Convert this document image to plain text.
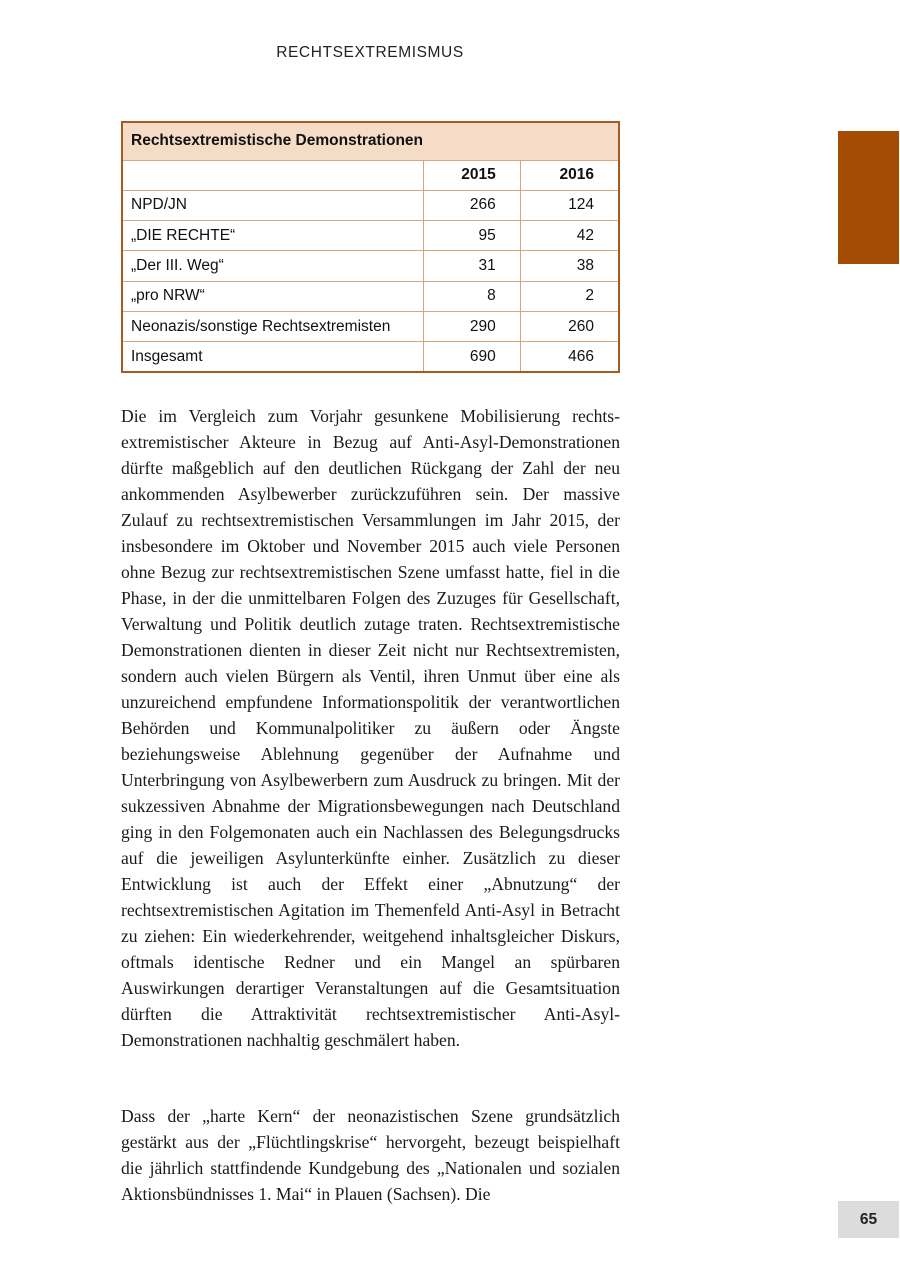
RECHTSEXTREMISMUS
Rechtsextremistische Demonstrationen		
	2015	2016
NPD/JN	266	124
„DIE RECHTE“	95	42
„Der III. Weg“	31	38
„pro NRW“	8	2
Neonazis/sonstige Rechtsextremisten	290	260
Insgesamt	690	466

Die im Vergleich zum Vorjahr gesunkene Mobilisierung rechtsextremistischer Akteure in Bezug auf Anti-Asyl-Demonstrationen dürfte maßgeblich auf den deutlichen Rückgang der Zahl der neu ankommenden Asylbewerber zurückzuführen sein. Der massive Zulauf zu rechtsextremistischen Versammlungen im Jahr 2015, der insbesondere im Oktober und November 2015 auch viele Personen ohne Bezug zur rechtsextremistischen Szene umfasst hatte, fiel in die Phase, in der die unmittelbaren Folgen des Zuzuges für Gesellschaft, Verwaltung und Politik deutlich zutage traten. Rechtsextremistische Demonstrationen dienten in dieser Zeit nicht nur Rechtsextremisten, sondern auch vielen Bürgern als Ventil, ihren Unmut über eine als unzureichend empfundene Informationspolitik der verantwortlichen Behörden und Kommunalpolitiker zu äußern oder Ängste beziehungsweise Ablehnung gegenüber der Aufnahme und Unterbringung von Asylbewerbern zum Ausdruck zu bringen. Mit der sukzessiven Abnahme der Migrationsbewegungen nach Deutschland ging in den Folgemonaten auch ein Nachlassen des Belegungsdrucks auf die jeweiligen Asylunterkünfte einher. Zusätzlich zu dieser Entwicklung ist auch der Effekt einer „Abnutzung“ der rechtsextremistischen Agitation im Themenfeld Anti-Asyl in Betracht zu ziehen: Ein wiederkehrender, weitgehend inhaltsgleicher Diskurs, oftmals identische Redner und ein Mangel an spürbaren Auswirkungen derartiger Veranstaltungen auf die Gesamtsituation dürften die Attraktivität rechtsextremistischer Anti-Asyl-Demonstrationen nachhaltig geschmälert haben.

Dass der „harte Kern“ der neonazistischen Szene grundsätzlich gestärkt aus der „Flüchtlingskrise“ hervorgeht, bezeugt beispielhaft die jährlich stattfindende Kundgebung des „Nationalen und sozialen Aktionsbündnisses 1. Mai“ in Plauen (Sachsen). Die

65
